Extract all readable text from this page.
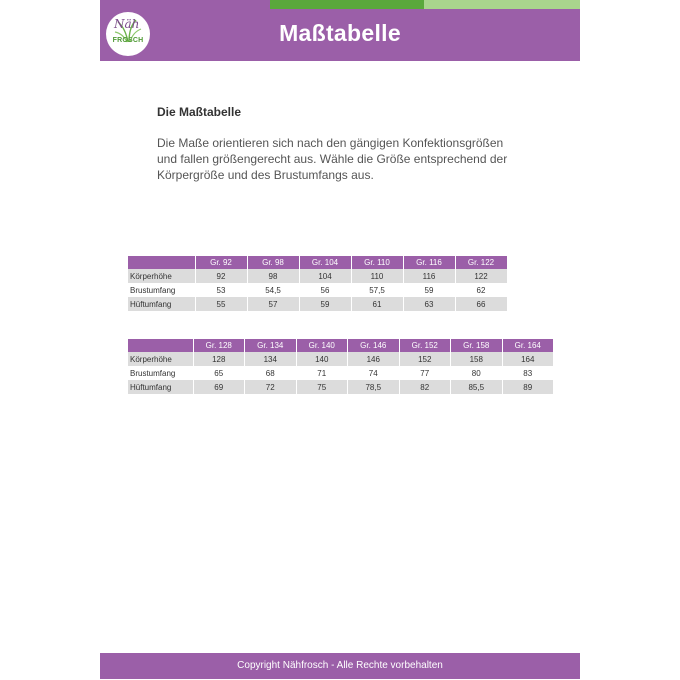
Näh
FROSCH	Maßtabelle
Die Maßtabelle
Die Maße orientieren sich nach den gängigen Konfektionsgrößen
und fallen größengerecht aus. Wähle die Größe entsprechend der
Körpergröße und des Brustumfangs aus.
	Gr. 92	Gr. 98	Gr. 104	Gr. 110	Gr. 116	Gr. 122
Körperhöhe	92	98	104	110	116	122
Brustumfang	53	54,5	56	57,5	59	62
Hüftumfang	55	57	59	61	63	66
	Gr. 128	Gr. 134	Gr. 140	Gr. 146	Gr. 152	Gr. 158	Gr. 164
Körperhöhe	128	134	140	146	152	158	164
Brustumfang	65	68	71	74	77	80	83
Hüftumfang	69	72	75	78,5	82	85,5	89
Copyright Nähfrosch - Alle Rechte vorbehalten
